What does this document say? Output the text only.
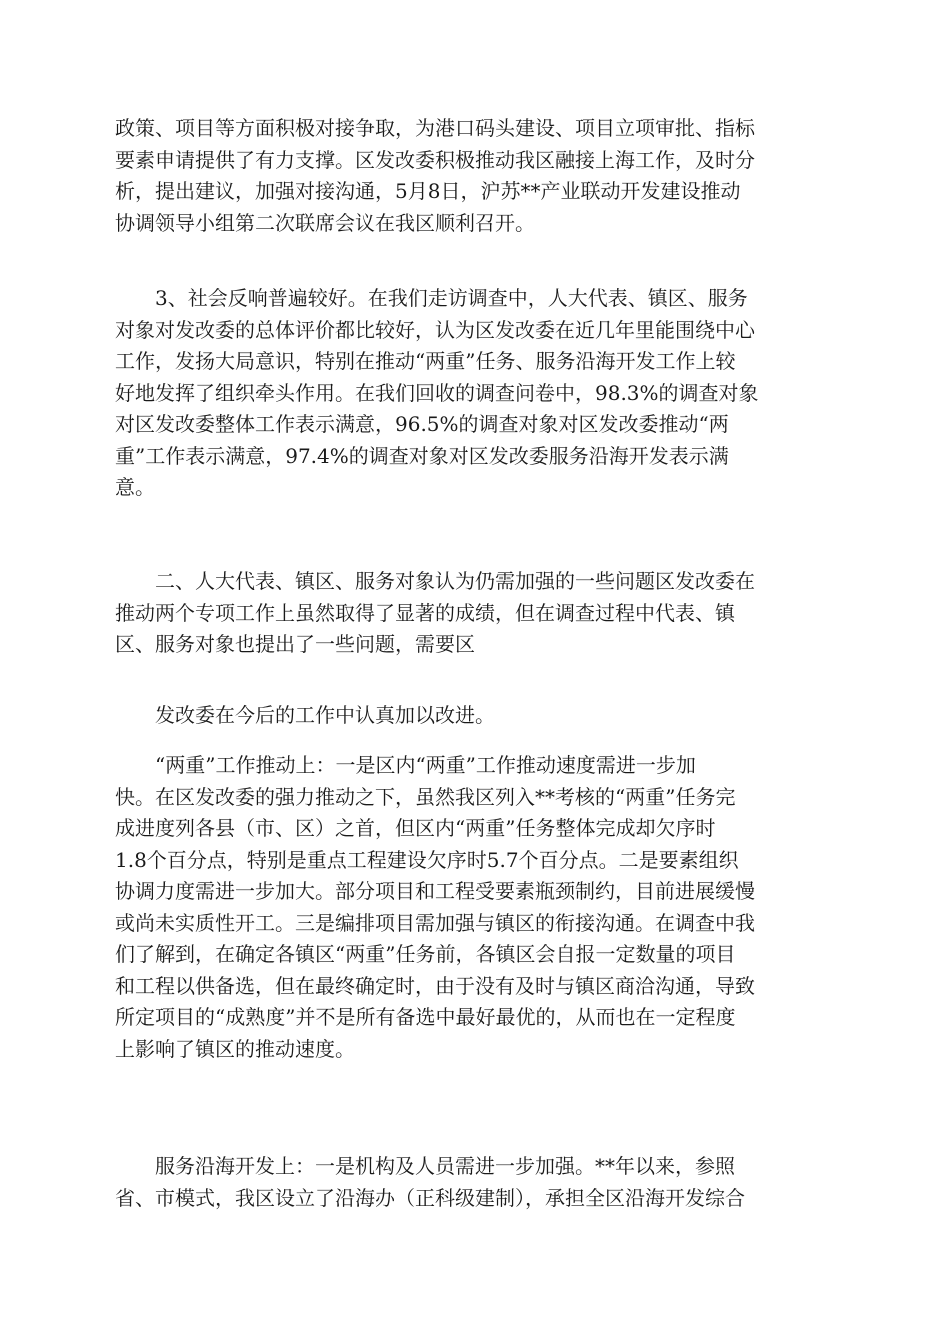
政策、项目等方面积极对接争取，为港口码头建设、项目立项审批、指标
要素申请提供了有力支撑。区发改委积极推动我区融接上海工作，及时分
析，提出建议，加强对接沟通，5月8日，沪苏**产业联动开发建设推动
协调领导小组第二次联席会议在我区顺利召开。
　　3、社会反响普遍较好。在我们走访调查中，人大代表、镇区、服务
对象对发改委的总体评价都比较好，认为区发改委在近几年里能围绕中心
工作，发扬大局意识，特别在推动“两重”任务、服务沿海开发工作上较
好地发挥了组织牵头作用。在我们回收的调查问卷中，98.3%的调查对象
对区发改委整体工作表示满意，96.5%的调查对象对区发改委推动“两
重”工作表示满意，97.4%的调查对象对区发改委服务沿海开发表示满
意。
　　二、人大代表、镇区、服务对象认为仍需加强的一些问题区发改委在
推动两个专项工作上虽然取得了显著的成绩，但在调查过程中代表、镇
区、服务对象也提出了一些问题，需要区
　　发改委在今后的工作中认真加以改进。
　　“两重”工作推动上：一是区内“两重”工作推动速度需进一步加
快。在区发改委的强力推动之下，虽然我区列入**考核的“两重”任务完
成进度列各县（市、区）之首，但区内“两重”任务整体完成却欠序时
1.8个百分点，特别是重点工程建设欠序时5.7个百分点。二是要素组织
协调力度需进一步加大。部分项目和工程受要素瓶颈制约，目前进展缓慢
或尚未实质性开工。三是编排项目需加强与镇区的衔接沟通。在调查中我
们了解到，在确定各镇区“两重”任务前，各镇区会自报一定数量的项目
和工程以供备选，但在最终确定时，由于没有及时与镇区商洽沟通，导致
所定项目的“成熟度”并不是所有备选中最好最优的，从而也在一定程度
上影响了镇区的推动速度。
　　服务沿海开发上：一是机构及人员需进一步加强。**年以来，参照
省、市模式，我区设立了沿海办（正科级建制），承担全区沿海开发综合
